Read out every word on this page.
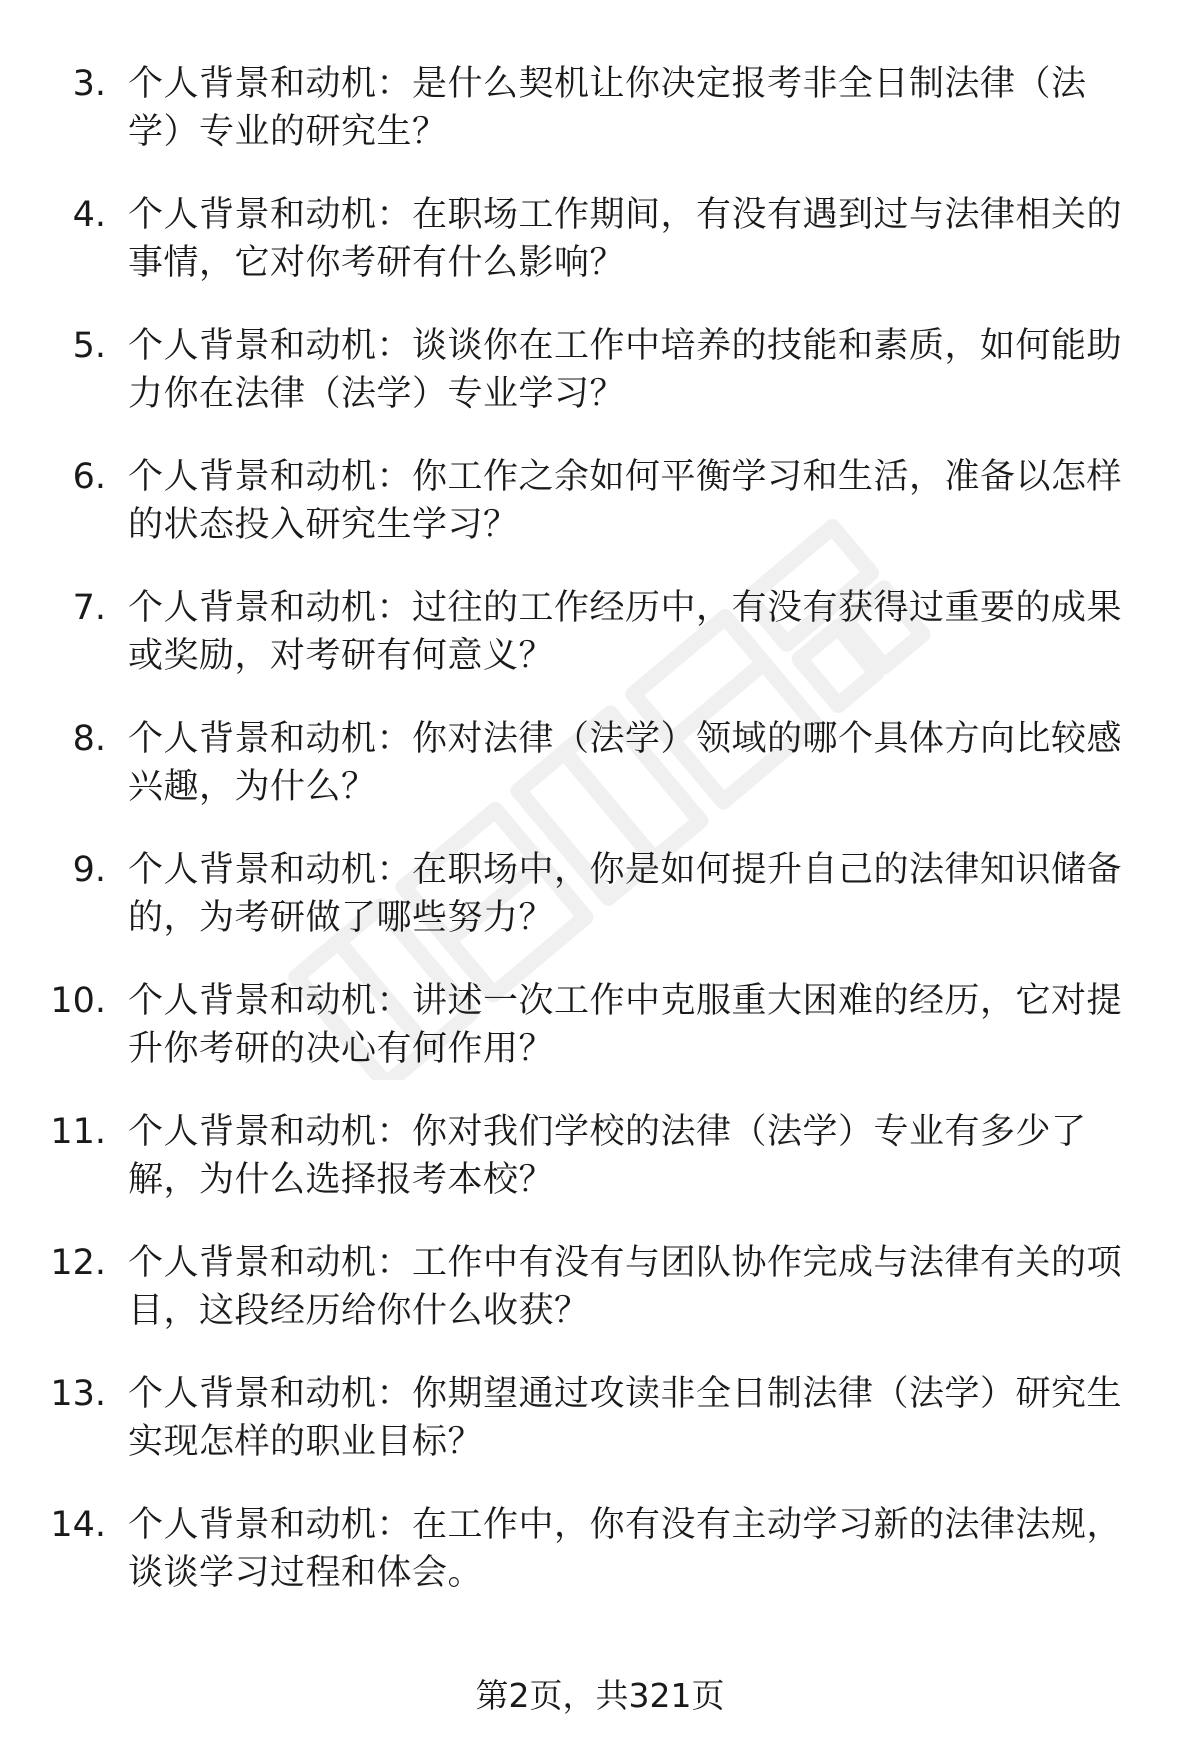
3. 个人背景和动机：是什么契机让你决定报考非全日制法律（法学）专业的研究生？

4. 个人背景和动机：在职场工作期间，有没有遇到过与法律相关的事情，它对你考研有什么影响？

5. 个人背景和动机：谈谈你在工作中培养的技能和素质，如何能助力你在法律（法学）专业学习？

6. 个人背景和动机：你工作之余如何平衡学习和生活，准备以怎样的状态投入研究生学习？

7. 个人背景和动机：过往的工作经历中，有没有获得过重要的成果或奖励，对考研有何意义？

8. 个人背景和动机：你对法律（法学）领域的哪个具体方向比较感兴趣，为什么？

9. 个人背景和动机：在职场中，你是如何提升自己的法律知识储备的，为考研做了哪些努力？

10. 个人背景和动机：讲述一次工作中克服重大困难的经历，它对提升你考研的决心有何作用？

11. 个人背景和动机：你对我们学校的法律（法学）专业有多少了解，为什么选择报考本校？

12. 个人背景和动机：工作中有没有与团队协作完成与法律有关的项目，这段经历给你什么收获？

13. 个人背景和动机：你期望通过攻读非全日制法律（法学）研究生实现怎样的职业目标？

14. 个人背景和动机：在工作中，你有没有主动学习新的法律法规，谈谈学习过程和体会。

第2页，共321页
